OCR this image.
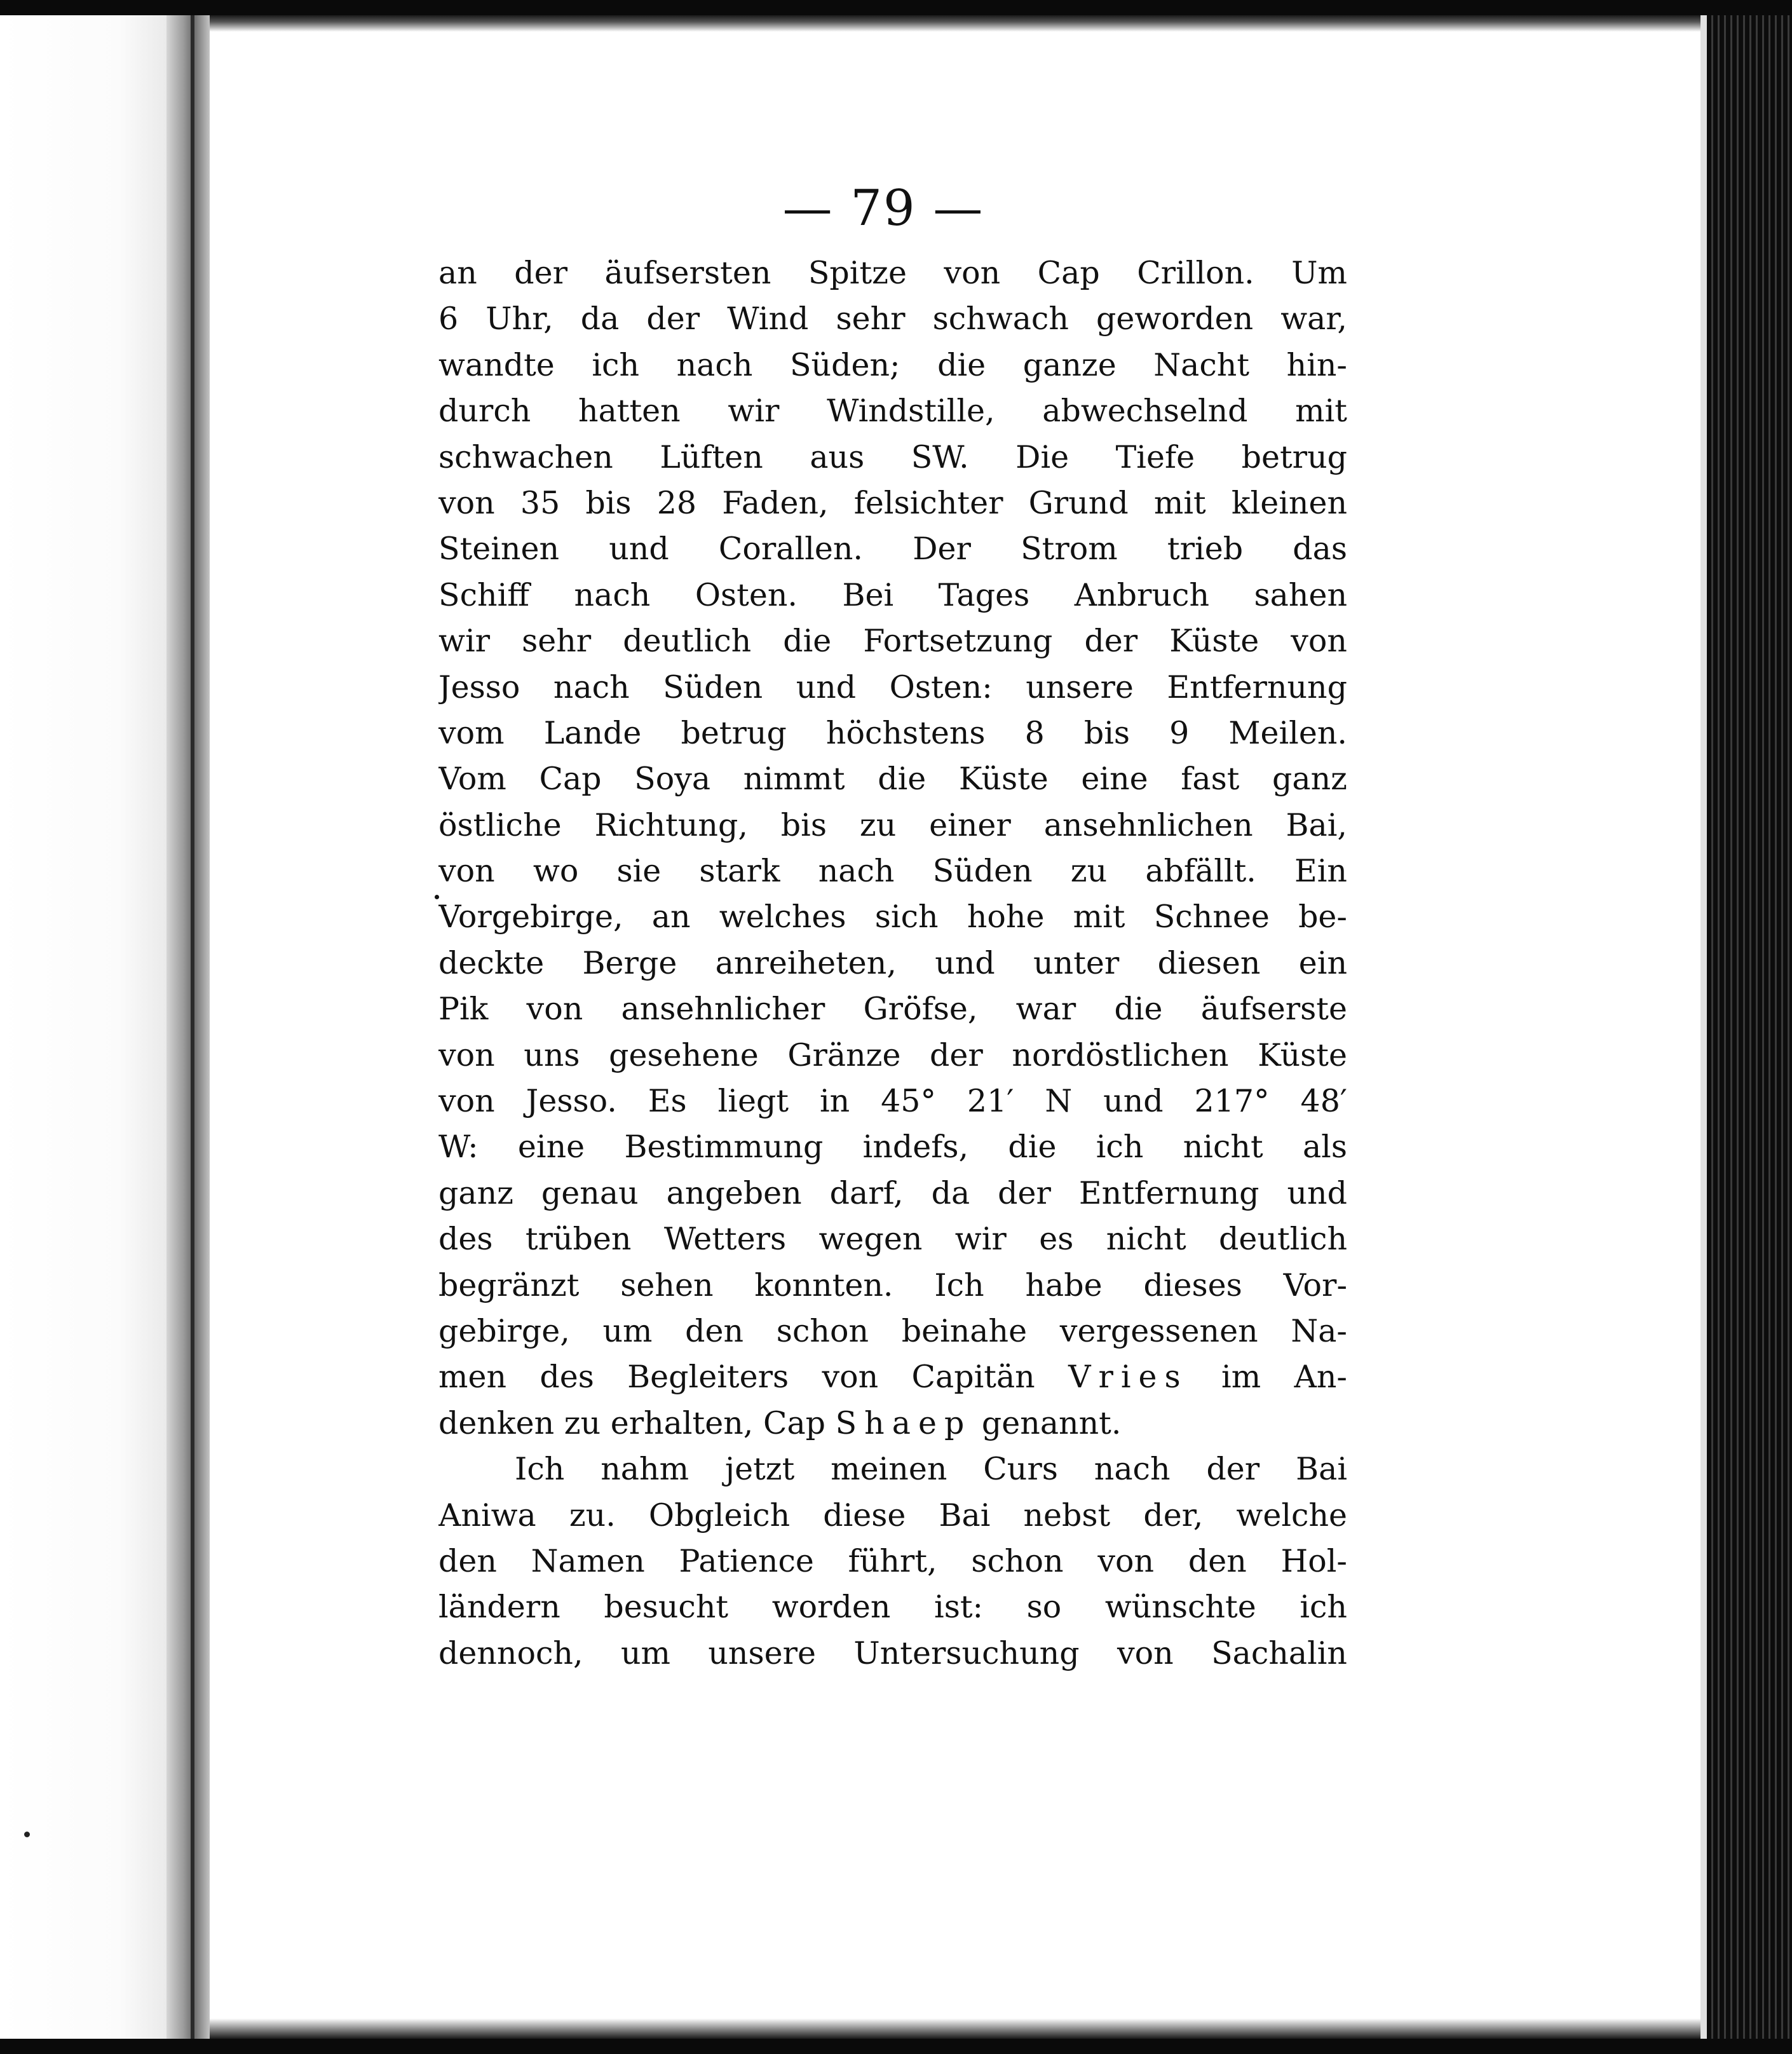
— 79 —
an der äufsersten Spitze von Cap Crillon. Um
6 Uhr, da der Wind sehr schwach geworden war,
wandte ich nach Süden; die ganze Nacht hin-
durch hatten wir Windstille, abwechselnd mit
schwachen Lüften aus SW. Die Tiefe betrug
von 35 bis 28 Faden, felsichter Grund mit kleinen
Steinen und Corallen. Der Strom trieb das
Schiff nach Osten. Bei Tages Anbruch sahen
wir sehr deutlich die Fortsetzung der Küste von
Jesso nach Süden und Osten: unsere Entfernung
vom Lande betrug höchstens 8 bis 9 Meilen.
Vom Cap Soya nimmt die Küste eine fast ganz
östliche Richtung, bis zu einer ansehnlichen Bai,
von wo sie stark nach Süden zu abfällt. Ein
Vorgebirge, an welches sich hohe mit Schnee be-
deckte Berge anreiheten, und unter diesen ein
Pik von ansehnlicher Gröfse, war die äufserste
von uns gesehene Gränze der nordöstlichen Küste
von Jesso. Es liegt in 45° 21′ N und 217° 48′
W: eine Bestimmung indefs, die ich nicht als
ganz genau angeben darf, da der Entfernung und
des trüben Wetters wegen wir es nicht deutlich
begränzt sehen konnten. Ich habe dieses Vor-
gebirge, um den schon beinahe vergessenen Na-
men des Begleiters von Capitän Vries im An-
denken zu erhalten, Cap Shaep genannt.
Ich nahm jetzt meinen Curs nach der Bai
Aniwa zu. Obgleich diese Bai nebst der, welche
den Namen Patience führt, schon von den Hol-
ländern besucht worden ist: so wünschte ich
dennoch, um unsere Untersuchung von Sachalin
